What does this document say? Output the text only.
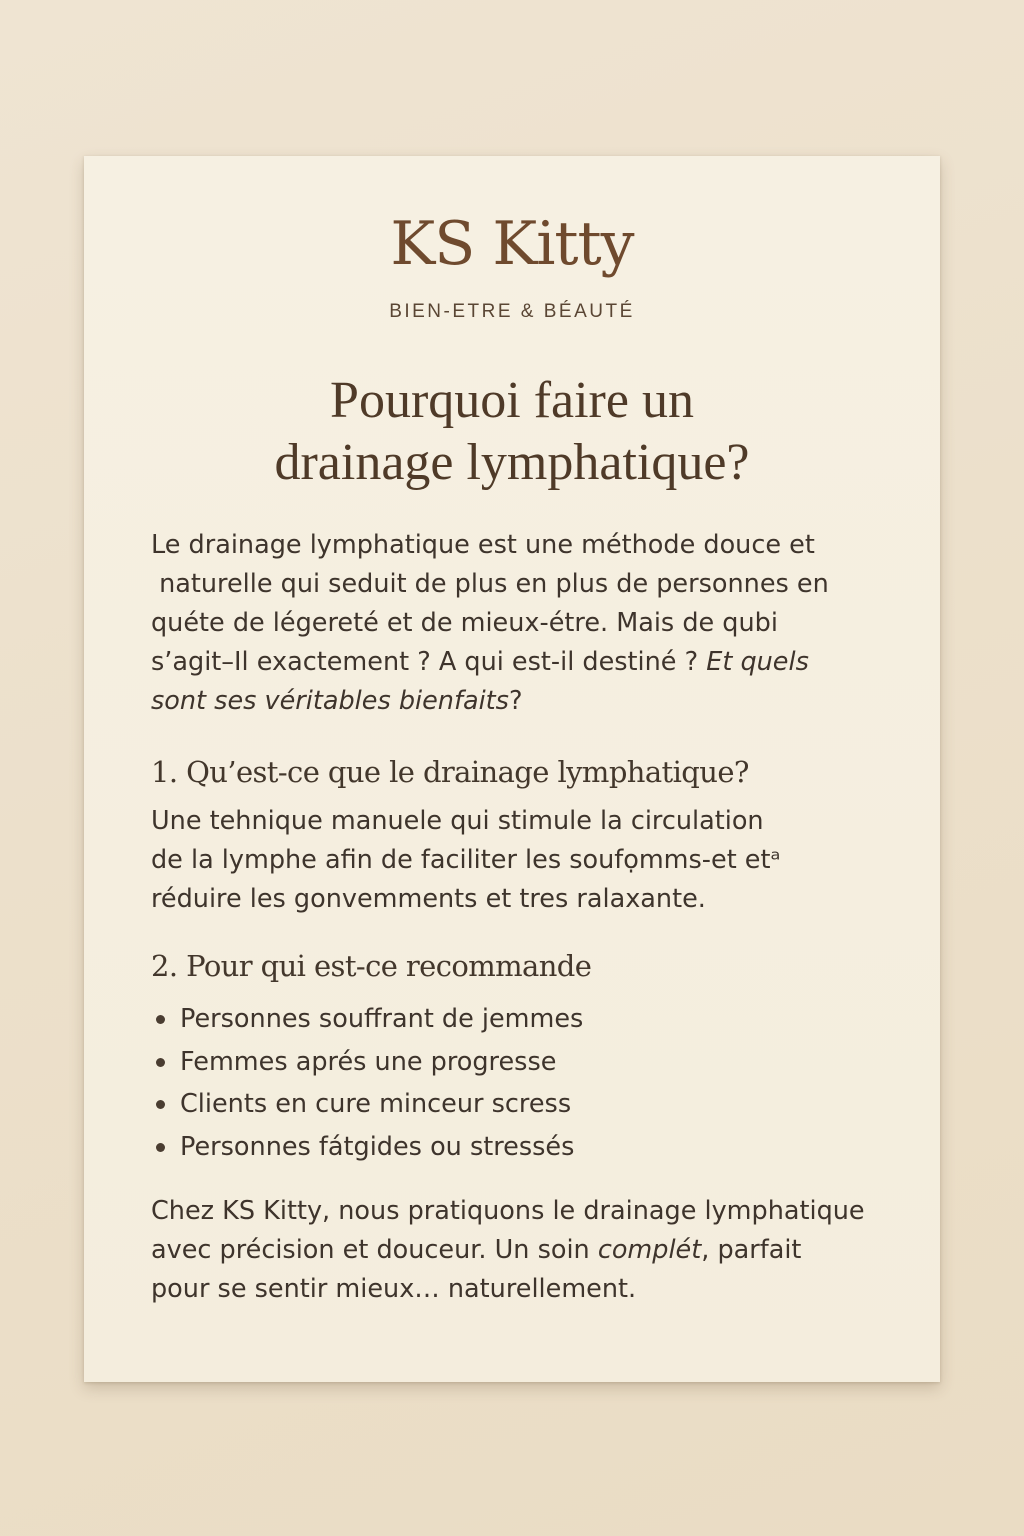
KS Kitty
BIEN-ETRE & BÉAUTÉ
Pourquoi faire un
drainage lymphatique?

Le drainage lymphatique est une méthode douce et
naturelle qui seduit de plus en plus de personnes en
quéte de légereté et de mieux-étre. Mais de qubi
s’agit–Il exactement ? A qui est-il destiné ? Et quels
sont ses véritables bienfaits?

1. Qu’est-ce que le drainage lymphatique?

Une tehnique manuele qui stimule la circulation
de la lymphe afin de faciliter les soufọmms-et etᵃ
réduire les gonvemments et tres ralaxante.

2. Pour qui est-ce recommande
Personnes souffrant de jemmes
Femmes aprés une progresse
Clients en cure minceur scress
Personnes fátgides ou stressés

Chez KS Kitty, nous pratiquons le drainage lymphatique
avec précision et douceur. Un soin complét, parfait
pour se sentir mieux… naturellement.
